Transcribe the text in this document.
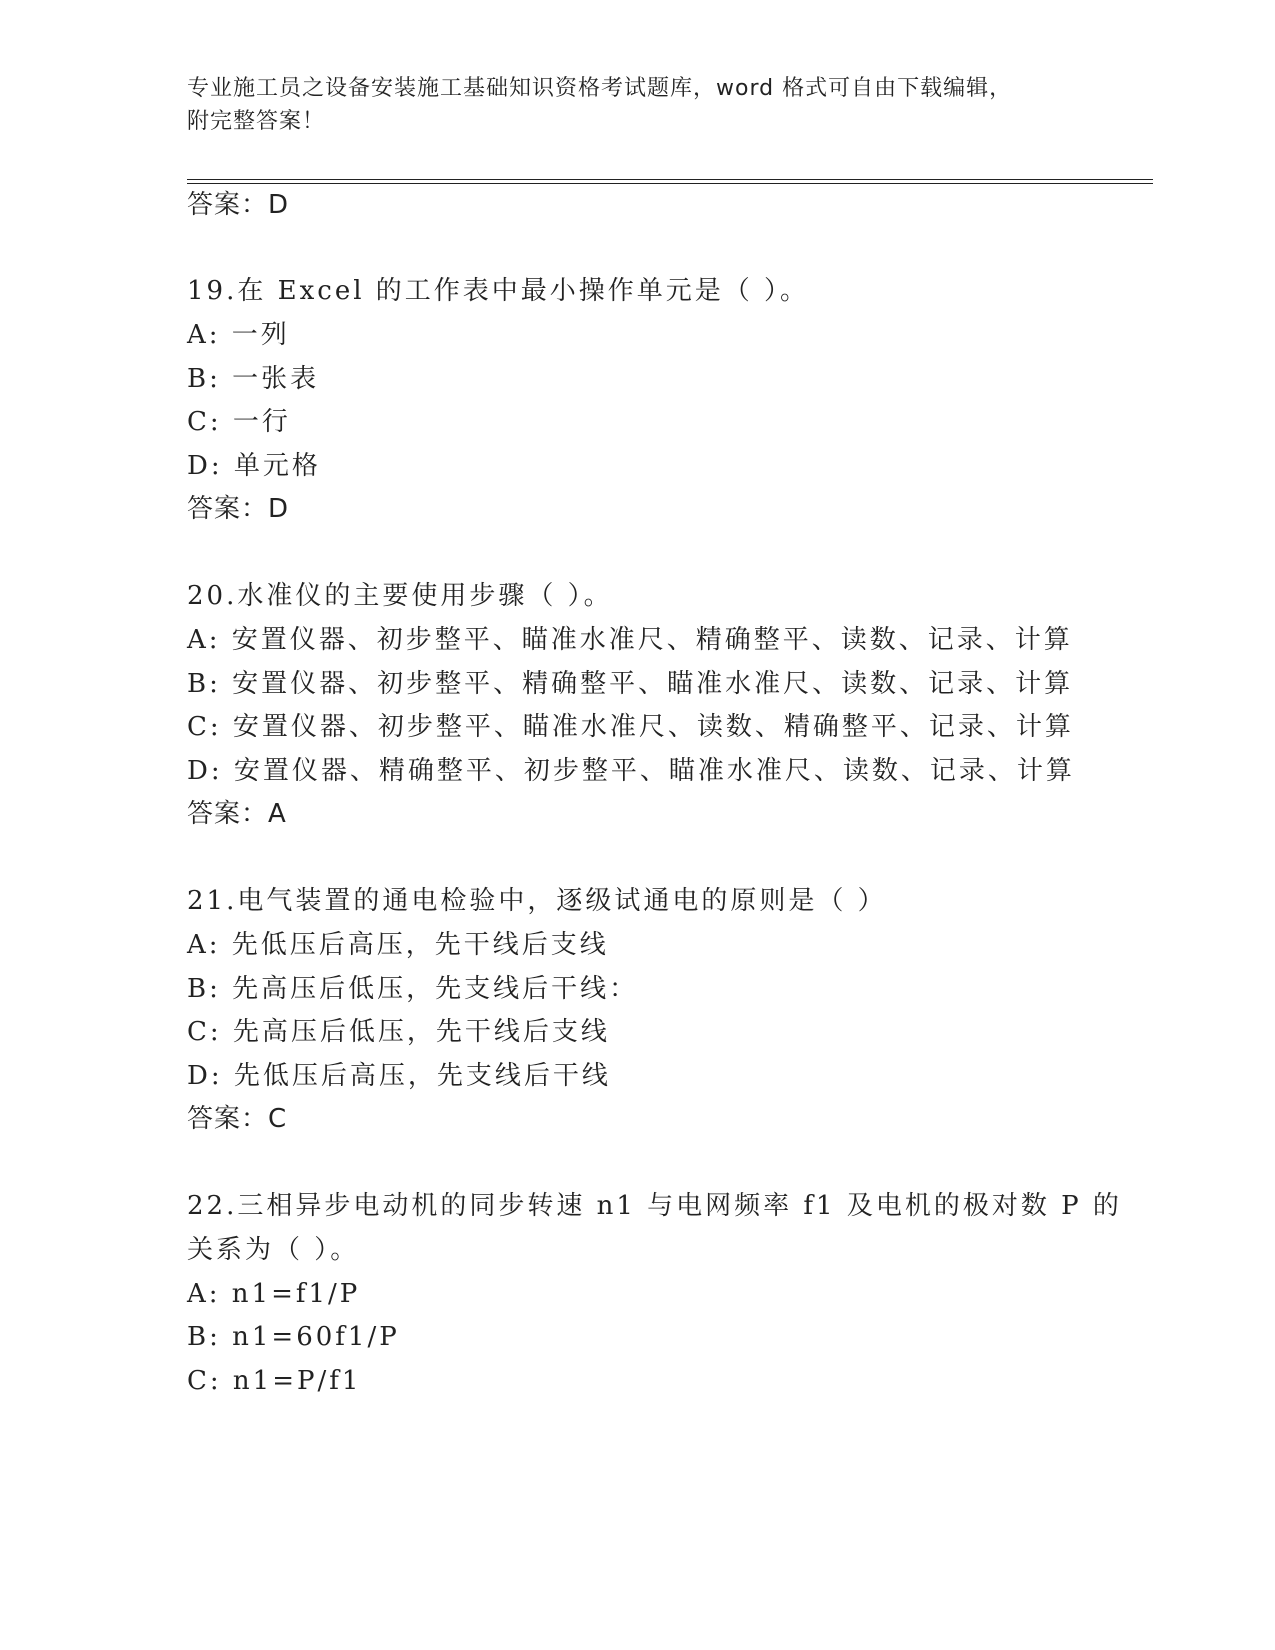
专业施工员之设备安装施工基础知识资格考试题库，word 格式可自由下载编辑，
附完整答案！
答案：D
19.在 Excel 的工作表中最小操作单元是（ ）。
A: 一列
B: 一张表
C: 一行
D: 单元格
答案：D
20.水准仪的主要使用步骤（ ）。
A: 安置仪器、初步整平、瞄准水准尺、精确整平、读数、记录、计算
B: 安置仪器、初步整平、精确整平、瞄准水准尺、读数、记录、计算
C: 安置仪器、初步整平、瞄准水准尺、读数、精确整平、记录、计算
D: 安置仪器、精确整平、初步整平、瞄准水准尺、读数、记录、计算
答案：A
21.电气装置的通电检验中，逐级试通电的原则是（ ）
A: 先低压后高压，先干线后支线
B: 先高压后低压，先支线后干线：
C: 先高压后低压，先干线后支线
D: 先低压后高压，先支线后干线
答案：C
22.三相异步电动机的同步转速 n1 与电网频率 f1 及电机的极对数 P 的
关系为（ ）。
A: n1=f1/P
B: n1=60f1/P
C: n1=P/f1
